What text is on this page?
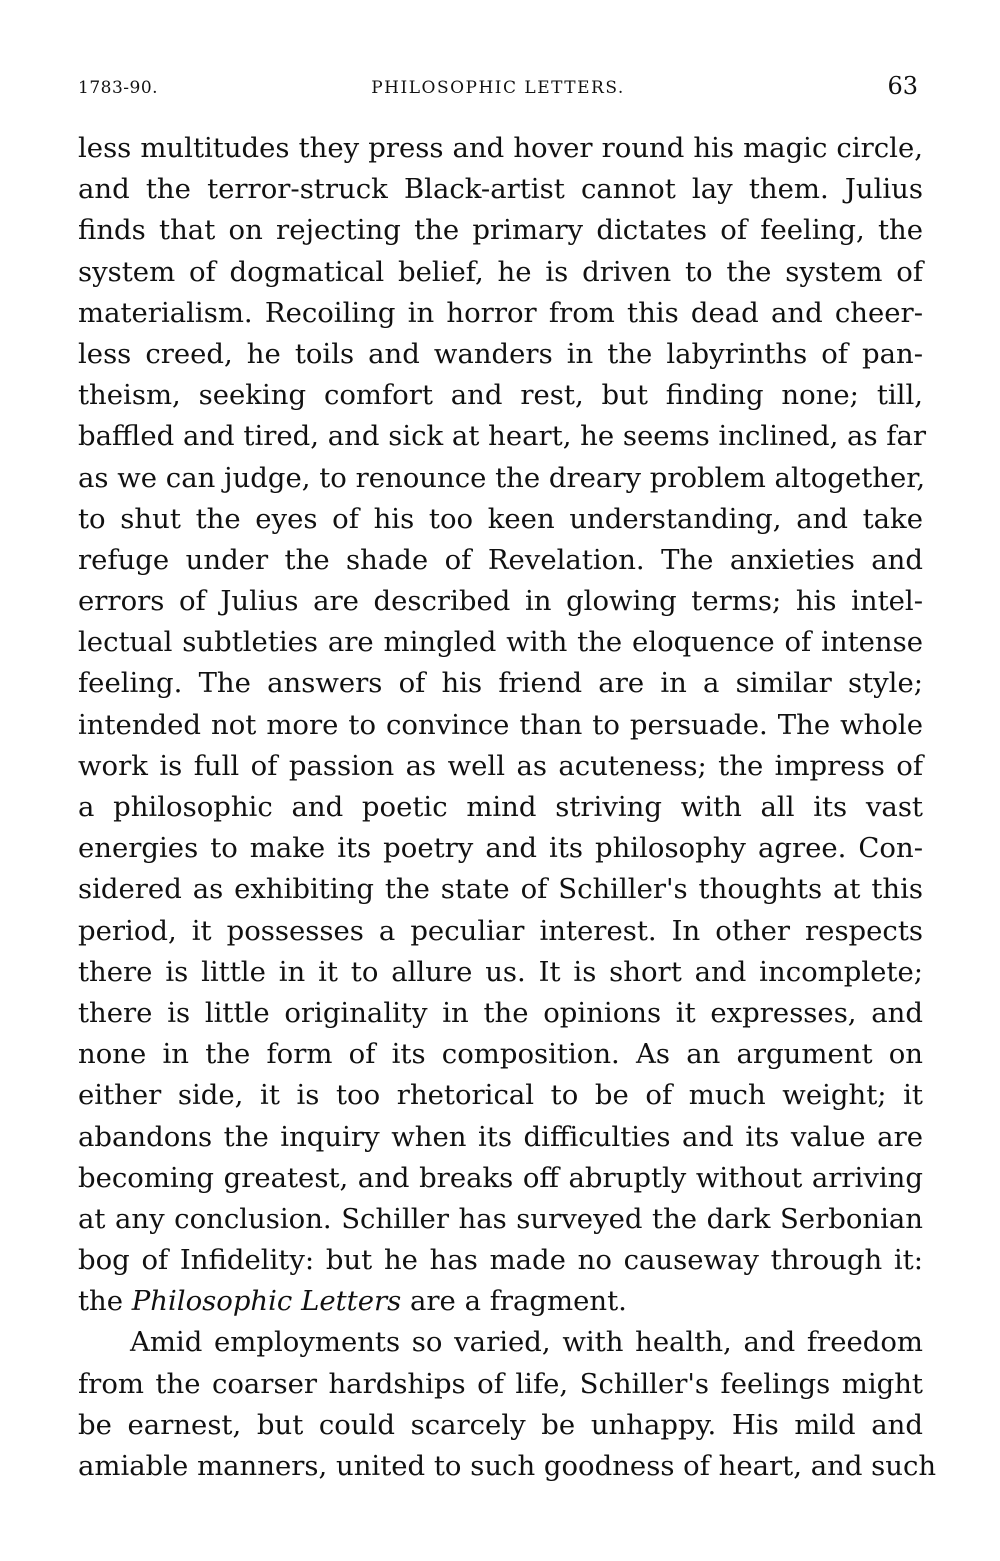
1783-90.	PHILOSOPHIC LETTERS.	63
less multitudes they press and hover round his magic circle,
and the terror-struck Black-artist cannot lay them. Julius
finds that on rejecting the primary dictates of feeling, the
system of dogmatical belief, he is driven to the system of
materialism. Recoiling in horror from this dead and cheer-
less creed, he toils and wanders in the labyrinths of pan-
theism, seeking comfort and rest, but finding none; till,
baffled and tired, and sick at heart, he seems inclined, as far
as we can judge, to renounce the dreary problem altogether,
to shut the eyes of his too keen understanding, and take
refuge under the shade of Revelation. The anxieties and
errors of Julius are described in glowing terms; his intel-
lectual subtleties are mingled with the eloquence of intense
feeling. The answers of his friend are in a similar style;
intended not more to convince than to persuade. The whole
work is full of passion as well as acuteness; the impress of
a philosophic and poetic mind striving with all its vast
energies to make its poetry and its philosophy agree. Con-
sidered as exhibiting the state of Schiller's thoughts at this
period, it possesses a peculiar interest. In other respects
there is little in it to allure us. It is short and incomplete;
there is little originality in the opinions it expresses, and
none in the form of its composition. As an argument on
either side, it is too rhetorical to be of much weight; it
abandons the inquiry when its difficulties and its value are
becoming greatest, and breaks off abruptly without arriving
at any conclusion. Schiller has surveyed the dark Serbonian
bog of Infidelity: but he has made no causeway through it:
the Philosophic Letters are a fragment.
Amid employments so varied, with health, and freedom
from the coarser hardships of life, Schiller's feelings might
be earnest, but could scarcely be unhappy. His mild and
amiable manners, united to such goodness of heart, and such
